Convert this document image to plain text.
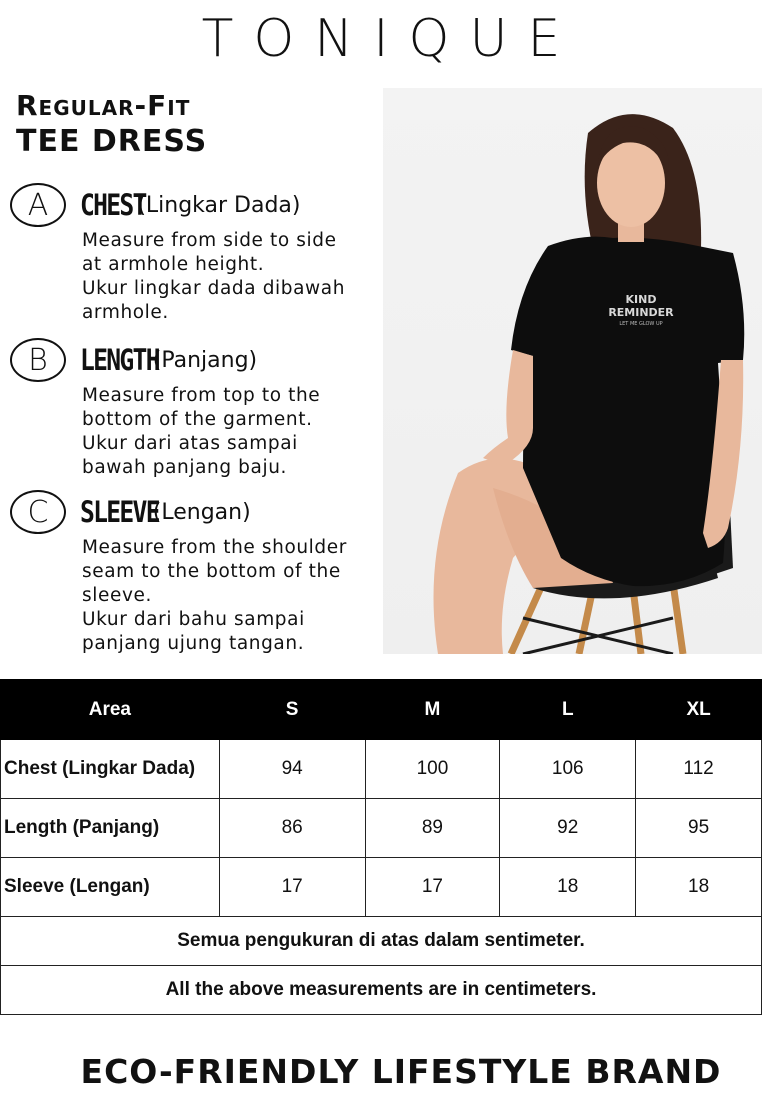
TONIQUE
Regular-Fit
TEE DRESS
A	CHEST
(Lingkar Dada)
Measure from side to side
at armhole height.
Ukur lingkar dada dibawah
armhole.
B	LENGTH
(Panjang)
Measure from top to the
bottom of the garment.
Ukur dari atas sampai
bawah panjang baju.
C	SLEEVE
(Lengan)
Measure from the shoulder
seam to the bottom of the
sleeve.
Ukur dari bahu sampai
panjang ujung tangan.
KIND
REMINDER
LET ME GLOW UP
Area	S	M	L	XL
Chest (Lingkar Dada)	94	100	106	112
Length (Panjang)	86	89	92	95
Sleeve (Lengan)	17	17	18	18
Semua pengukuran di atas dalam sentimeter.				
All the above measurements are in centimeters.				
ECO-FRIENDLY LIFESTYLE BRAND
